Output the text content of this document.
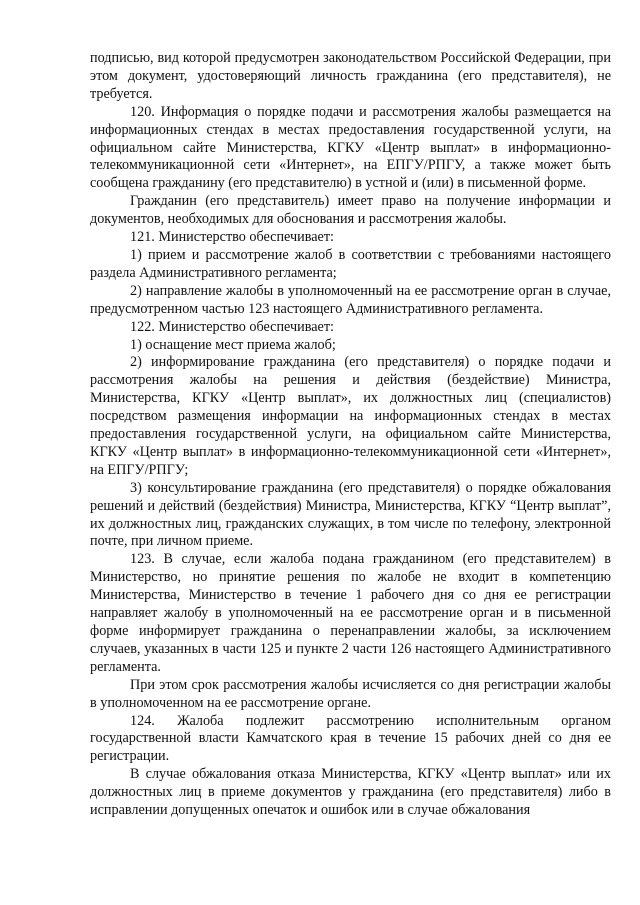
подписью, вид которой предусмотрен законодательством Российской Федерации, при этом документ, удостоверяющий личность гражданина (его представителя), не требуется.

120. Информация о порядке подачи и рассмотрения жалобы размещается на информационных стендах в местах предоставления государственной услуги, на официальном сайте Министерства, КГКУ «Центр выплат» в информационно-телекоммуникационной сети «Интернет», на ЕПГУ/РПГУ, а также может быть сообщена гражданину (его представителю) в устной и (или) в письменной форме.

Гражданин (его представитель) имеет право на получение информации и документов, необходимых для обоснования и рассмотрения жалобы.

121. Министерство обеспечивает:

1) прием и рассмотрение жалоб в соответствии с требованиями настоящего раздела Административного регламента;

2) направление жалобы в уполномоченный на ее рассмотрение орган в случае, предусмотренном частью 123 настоящего Административного регламента.

122. Министерство обеспечивает:

1) оснащение мест приема жалоб;

2) информирование гражданина (его представителя) о порядке подачи и рассмотрения жалобы на решения и действия (бездействие) Министра, Министерства, КГКУ «Центр выплат», их должностных лиц (специалистов) посредством размещения информации на информационных стендах в местах предоставления государственной услуги, на официальном сайте Министерства, КГКУ «Центр выплат» в информационно-телекоммуникационной сети «Интернет», на ЕПГУ/РПГУ;

3) консультирование гражданина (его представителя) о порядке обжалования решений и действий (бездействия) Министра, Министерства, КГКУ “Центр выплат”, их должностных лиц, гражданских служащих, в том числе по телефону, электронной почте, при личном приеме.

123. В случае, если жалоба подана гражданином (его представителем) в Министерство, но принятие решения по жалобе не входит в компетенцию Министерства, Министерство в течение 1 рабочего дня со дня ее регистрации направляет жалобу в уполномоченный на ее рассмотрение орган и в письменной форме информирует гражданина о перенаправлении жалобы, за исключением случаев, указанных в части 125 и пункте 2 части 126 настоящего Административного регламента.

При этом срок рассмотрения жалобы исчисляется со дня регистрации жалобы в уполномоченном на ее рассмотрение органе.

124. Жалоба подлежит рассмотрению исполнительным органом государственной власти Камчатского края в течение 15 рабочих дней со дня ее регистрации.

В случае обжалования отказа Министерства, КГКУ «Центр выплат» или их должностных лиц в приеме документов у гражданина (его представителя) либо в исправлении допущенных опечаток и ошибок или в случае обжалования
